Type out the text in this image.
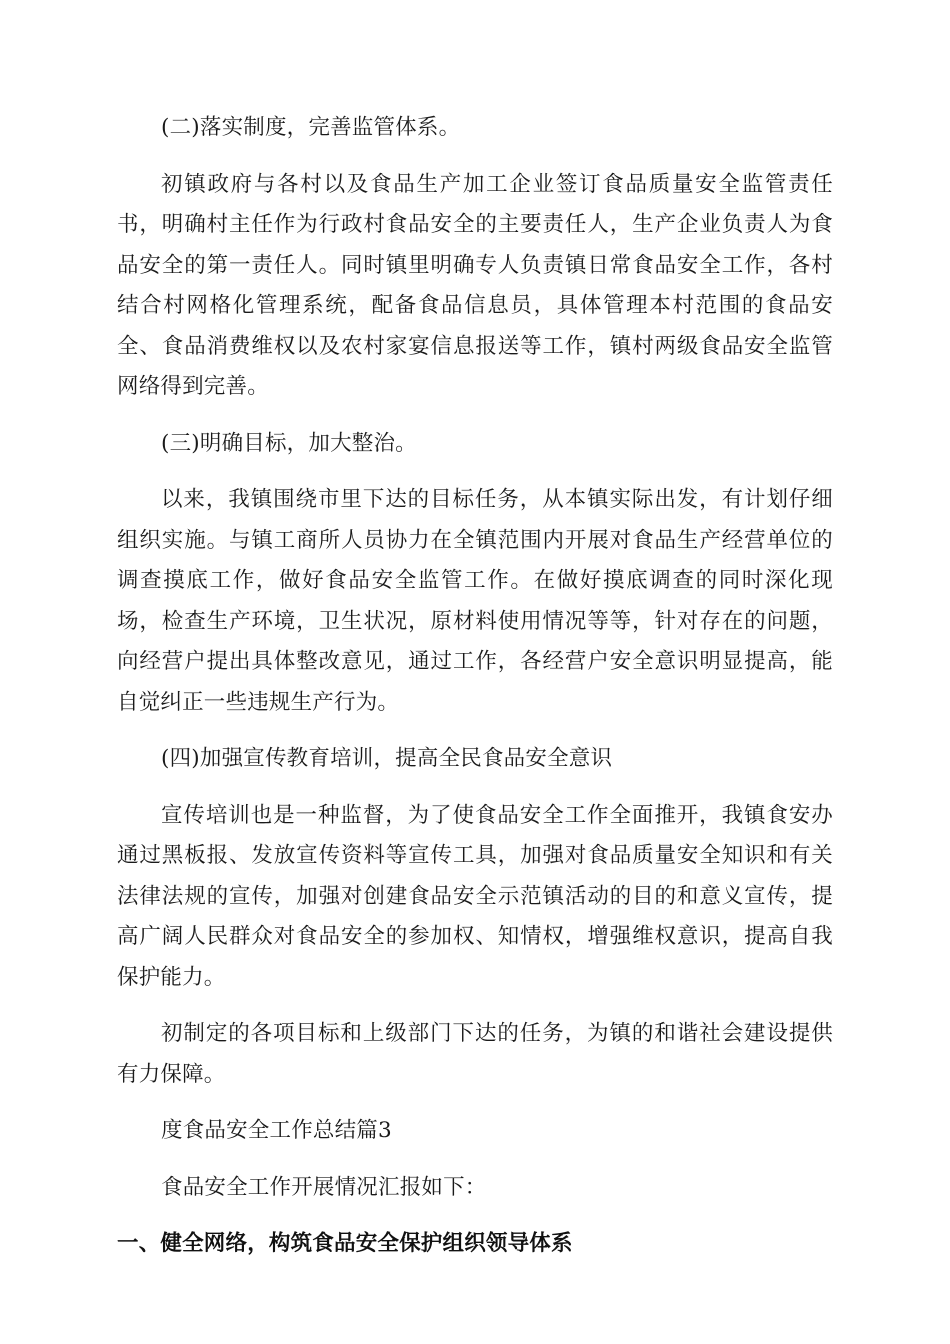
(二)落实制度，完善监管体系。

初镇政府与各村以及食品生产加工企业签订食品质量安全监管责任书，明确村主任作为行政村食品安全的主要责任人，生产企业负责人为食品安全的第一责任人。同时镇里明确专人负责镇日常食品安全工作，各村结合村网格化管理系统，配备食品信息员，具体管理本村范围的食品安全、食品消费维权以及农村家宴信息报送等工作，镇村两级食品安全监管网络得到完善。

(三)明确目标，加大整治。

以来，我镇围绕市里下达的目标任务，从本镇实际出发，有计划仔细组织实施。与镇工商所人员协力在全镇范围内开展对食品生产经营单位的调查摸底工作，做好食品安全监管工作。在做好摸底调查的同时深化现场，检查生产环境，卫生状况，原材料使用情况等等，针对存在的问题，向经营户提出具体整改意见，通过工作，各经营户安全意识明显提高，能自觉纠正一些违规生产行为。

(四)加强宣传教育培训，提高全民食品安全意识

宣传培训也是一种监督，为了使食品安全工作全面推开，我镇食安办通过黑板报、发放宣传资料等宣传工具，加强对食品质量安全知识和有关法律法规的宣传，加强对创建食品安全示范镇活动的目的和意义宣传，提高广阔人民群众对食品安全的参加权、知情权，增强维权意识，提高自我保护能力。

初制定的各项目标和上级部门下达的任务，为镇的和谐社会建设提供有力保障。

度食品安全工作总结篇3

食品安全工作开展情况汇报如下：

一、健全网络，构筑食品安全保护组织领导体系
